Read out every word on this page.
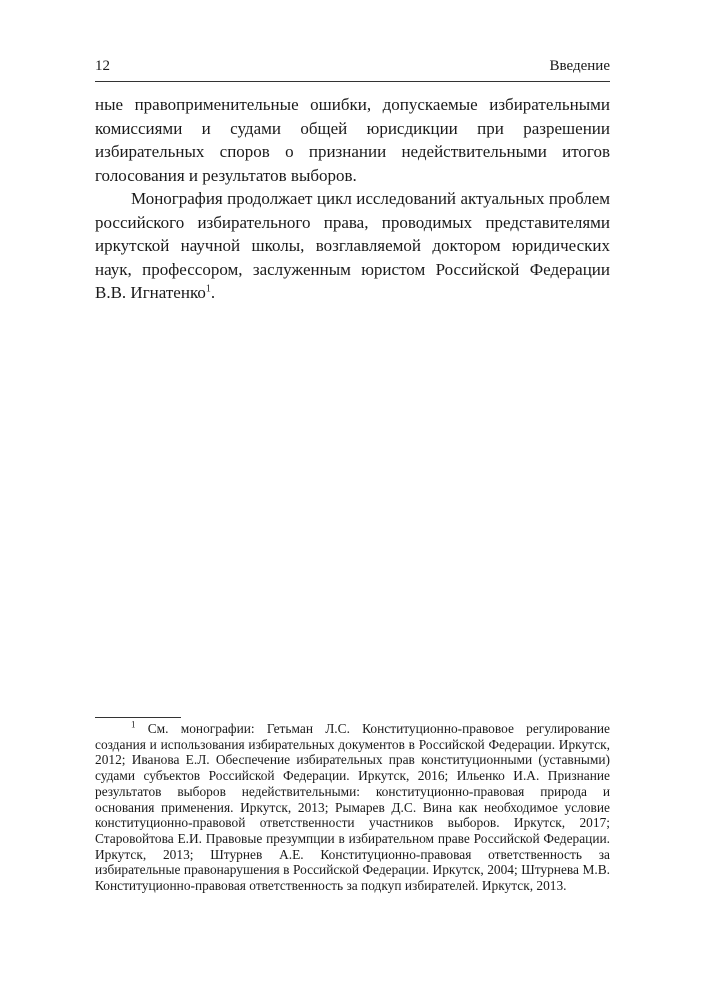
12	Введение

ные правоприменительные ошибки, допускаемые избирательными комиссиями и судами общей юрисдикции при разрешении избирательных споров о признании недействительными итогов голосования и результатов выборов.

Монография продолжает цикл исследований актуальных проблем российского избирательного права, проводимых представителями иркутской научной школы, возглавляемой доктором юридических наук, профессором, заслуженным юристом Российской Федерации В.В. Игнатенко$^1$.

$^1$ См. монографии: Гетьман Л.С. Конституционно-правовое регулирование создания и использования избирательных документов в Российской Федерации. Иркутск, 2012; Иванова Е.Л. Обеспечение избирательных прав конституционными (уставными) судами субъектов Российской Федерации. Иркутск, 2016; Ильенко И.А. Признание результатов выборов недействительными: конституционно-правовая природа и основания применения. Иркутск, 2013; Рымарев Д.С. Вина как необходимое условие конституционно-правовой ответственности участников выборов. Иркутск, 2017; Старовойтова Е.И. Правовые презумпции в избирательном праве Российской Федерации. Иркутск, 2013; Штурнев А.Е. Конституционно-правовая ответственность за избирательные правонарушения в Российской Федерации. Иркутск, 2004; Штурнева М.В. Конституционно-правовая ответственность за подкуп избирателей. Иркутск, 2013.
